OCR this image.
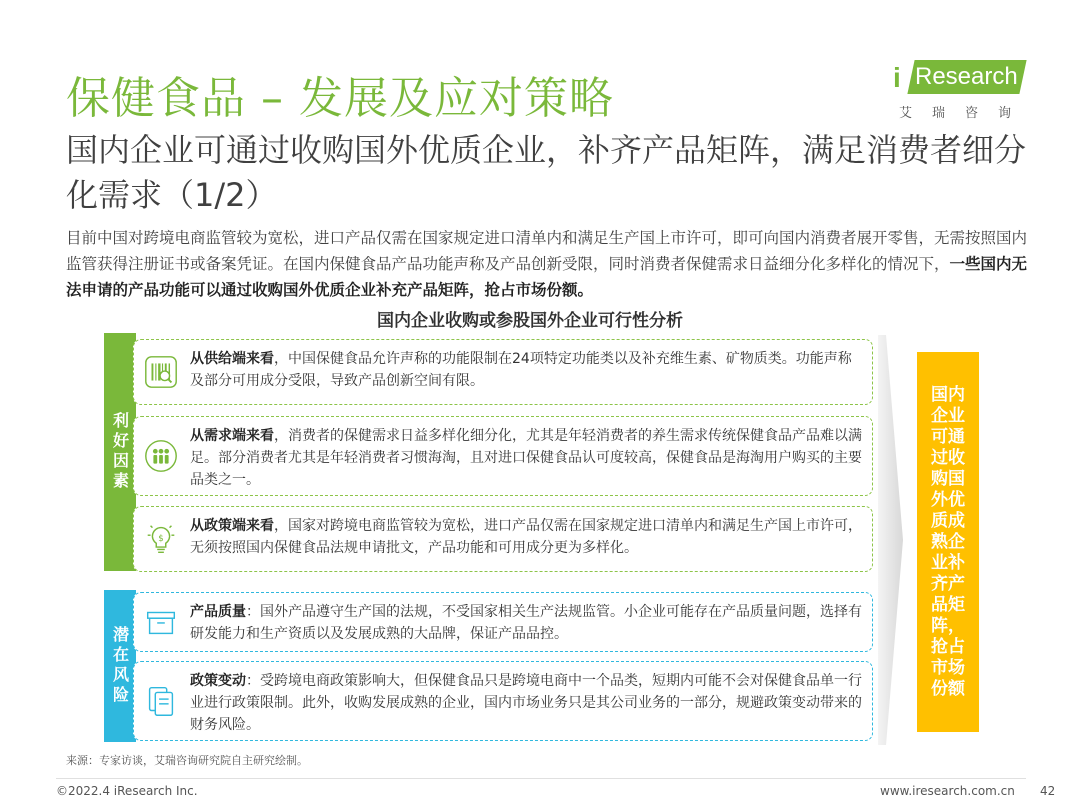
保健食品 – 发展及应对策略	i Research
艾瑞咨询
国内企业可通过收购国外优质企业，补齐产品矩阵，满足消费者细分化需求（1/2）
目前中国对跨境电商监管较为宽松，进口产品仅需在国家规定进口清单内和满足生产国上市许可，即可向国内消费者展开零售，无需按照国内监管获得注册证书或备案凭证。在国内保健食品产品功能声称及产品创新受限，同时消费者保健需求日益细分化多样化的情况下，一些国内无法申请的产品功能可以通过收购国外优质企业补充产品矩阵，抢占市场份额。
国内企业收购或参股国外企业可行性分析
利好因素
潜在风险
从供给端来看，中国保健食品允许声称的功能限制在24项特定功能类以及补充维生素、矿物质类。功能声称及部分可用成分受限，导致产品创新空间有限。
从需求端来看，消费者的保健需求日益多样化细分化，尤其是年轻消费者的养生需求传统保健食品产品难以满足。部分消费者尤其是年轻消费者习惯海淘，且对进口保健食品认可度较高，保健食品是海淘用户购买的主要品类之一。
$
从政策端来看，国家对跨境电商监管较为宽松，进口产品仅需在国家规定进口清单内和满足生产国上市许可，无须按照国内保健食品法规申请批文，产品功能和可用成分更为多样化。
产品质量：国外产品遵守生产国的法规，不受国家相关生产法规监管。小企业可能存在产品质量问题，选择有研发能力和生产资质以及发展成熟的大品牌，保证产品品控。
政策变动：受跨境电商政策影响大，但保健食品只是跨境电商中一个品类，短期内可能不会对保健食品单一行业进行政策限制。此外，收购发展成熟的企业，国内市场业务只是其公司业务的一部分，规避政策变动带来的财务风险。
国内企业可通过收购国外优质成熟企业补齐产品矩阵，抢占市场份额
来源：专家访谈，艾瑞咨询研究院自主研究绘制。
©2022.4 iResearch Inc.	www.iresearch.com.cn 42
